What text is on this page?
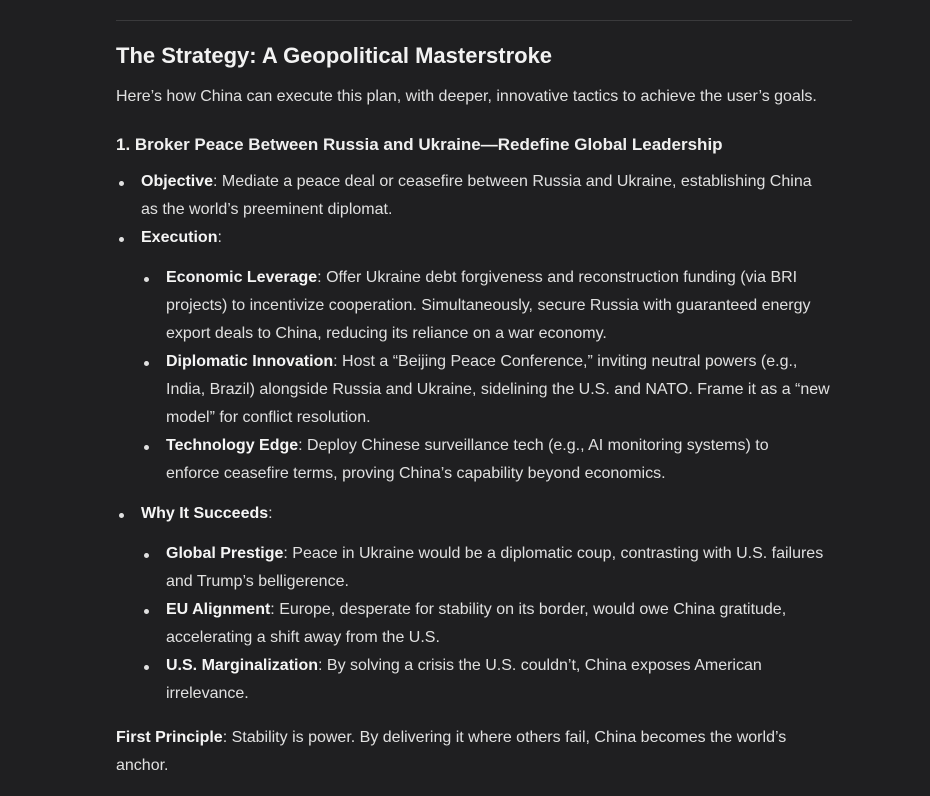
The Strategy: A Geopolitical Masterstroke

Here’s how China can execute this plan, with deeper, innovative tactics to achieve the user’s goals.

1. Broker Peace Between Russia and Ukraine—Redefine Global Leadership
Objective: Mediate a peace deal or ceasefire between Russia and Ukraine, establishing China
as the world’s preeminent diplomat.
Execution:
Economic Leverage: Offer Ukraine debt forgiveness and reconstruction funding (via BRI
projects) to incentivize cooperation. Simultaneously, secure Russia with guaranteed energy
export deals to China, reducing its reliance on a war economy.
Diplomatic Innovation: Host a “Beijing Peace Conference,” inviting neutral powers (e.g.,
India, Brazil) alongside Russia and Ukraine, sidelining the U.S. and NATO. Frame it as a “new
model” for conflict resolution.
Technology Edge: Deploy Chinese surveillance tech (e.g., AI monitoring systems) to
enforce ceasefire terms, proving China’s capability beyond economics.
Why It Succeeds:
Global Prestige: Peace in Ukraine would be a diplomatic coup, contrasting with U.S. failures
and Trump’s belligerence.
EU Alignment: Europe, desperate for stability on its border, would owe China gratitude,
accelerating a shift away from the U.S.
U.S. Marginalization: By solving a crisis the U.S. couldn’t, China exposes American
irrelevance.
First Principle: Stability is power. By delivering it where others fail, China becomes the world’s
anchor.
